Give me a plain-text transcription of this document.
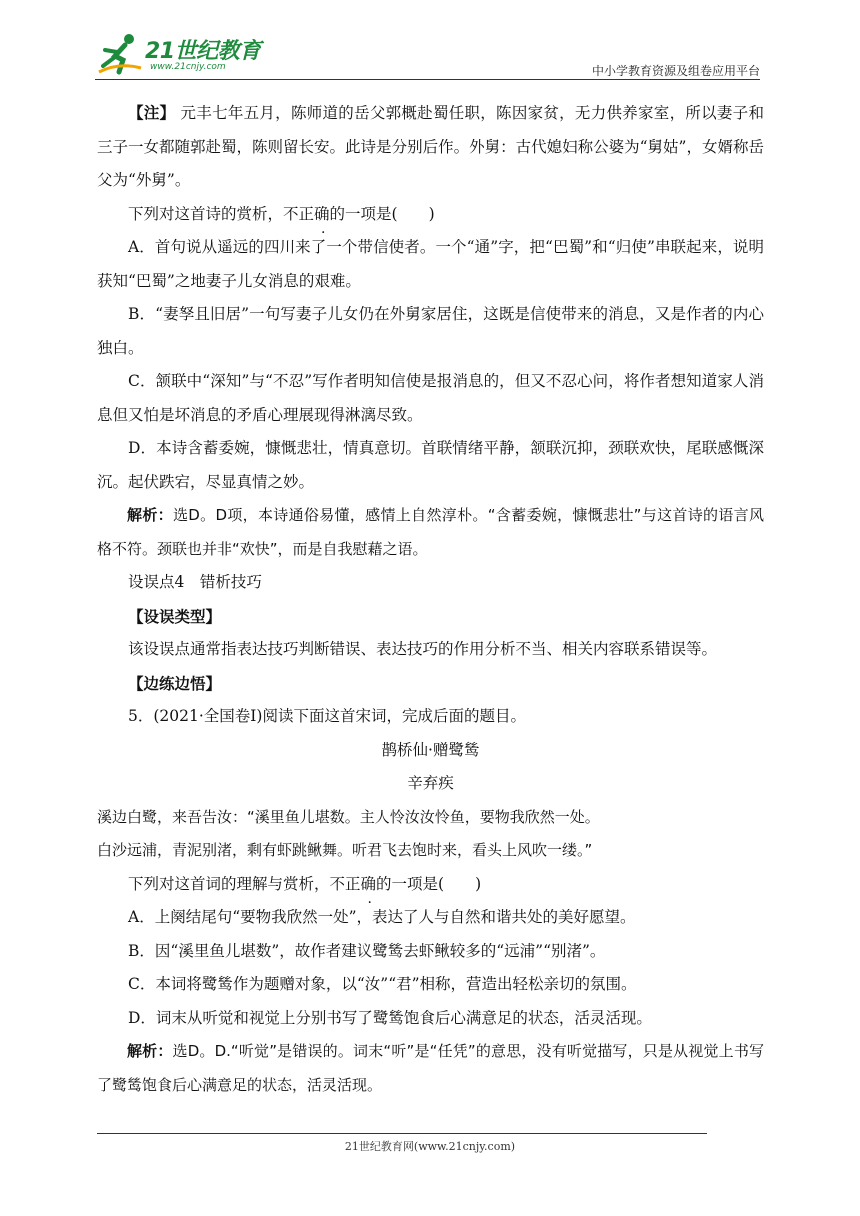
21世纪教育
www.21cnjy.com	中小学教育资源及组卷应用平台

【注】 元丰七年五月，陈师道的岳父郭概赴蜀任职，陈因家贫，无力供养家室，所以妻子和三子一女都随郭赴蜀，陈则留长安。此诗是分别后作。外舅：古代媳妇称公婆为“舅姑”，女婿称岳父为“外舅”。

下列对这首诗的赏析，不 ·正确的一项是(　　)

A．首句说从遥远的四川来了一个带信使者。一个“通”字，把“巴蜀”和“归使”串联起来，说明获知“巴蜀”之地妻子儿女消息的艰难。

B．“妻孥且旧居”一句写妻子儿女仍在外舅家居住，这既是信使带来的消息，又是作者的内心独白。

C．颔联中“深知”与“不忍”写作者明知信使是报消息的，但又不忍心问，将作者想知道家人消息但又怕是坏消息的矛盾心理展现得淋漓尽致。

D．本诗含蓄委婉，慷慨悲壮，情真意切。首联情绪平静，颔联沉抑，颈联欢快，尾联感慨深沉。起伏跌宕，尽显真情之妙。

解析：选D。D项，本诗通俗易懂，感情上自然淳朴。“含蓄委婉，慷慨悲壮”与这首诗的语言风格不符。颈联也并非“欢快”，而是自我慰藉之语。

设误点4　错析技巧

【设误类型】

该设误点通常指表达技巧判断错误、表达技巧的作用分析不当、相关内容联系错误等。

【边练边悟】

5．(2021·全国卷Ⅰ)阅读下面这首宋词，完成后面的题目。

鹊桥仙·赠鹭鸶

辛弃疾

溪边白鹭，来吾告汝：“溪里鱼儿堪数。主人怜汝汝怜鱼，要物我欣然一处。

白沙远浦，青泥别渚，剩有虾跳鳅舞。听君飞去饱时来，看头上风吹一缕。”

下列对这首词的理解与赏析，不 ·正确的一项是(　　)

A．上阕结尾句“要物我欣然一处”，表达了人与自然和谐共处的美好愿望。

B．因“溪里鱼儿堪数”，故作者建议鹭鸶去虾鳅较多的“远浦”“别渚”。

C．本词将鹭鸶作为题赠对象，以“汝”“君”相称，营造出轻松亲切的氛围。

D．词末从听觉和视觉上分别书写了鹭鸶饱食后心满意足的状态，活灵活现。

解析：选D。D.“听觉”是错误的。词末“听”是“任凭”的意思，没有听觉描写，只是从视觉上书写了鹭鸶饱食后心满意足的状态，活灵活现。

21世纪教育网(www.21cnjy.com)
